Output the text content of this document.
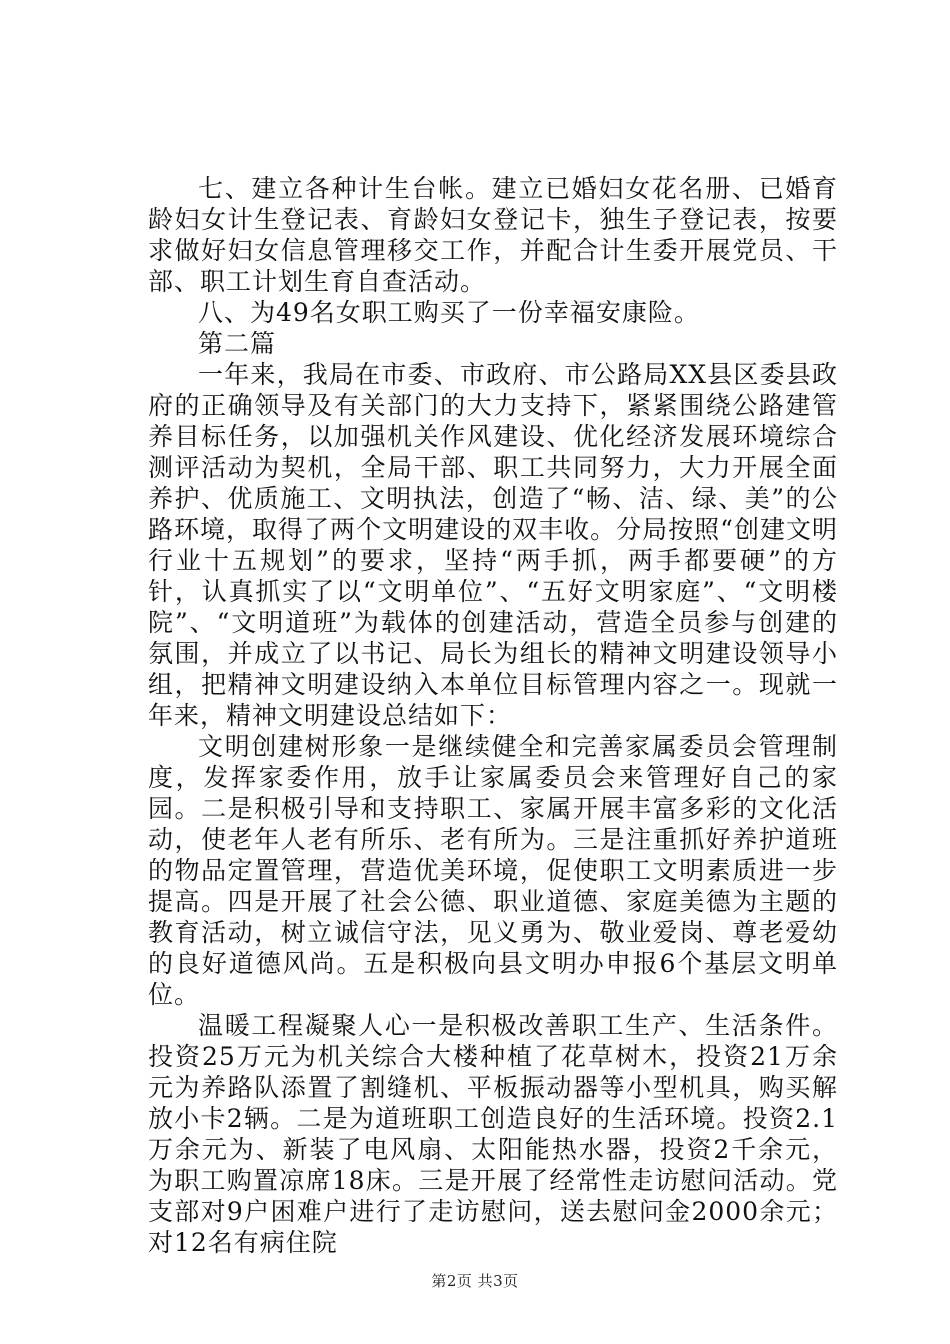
七、建立各种计生台帐。建立已婚妇女花名册、已婚育龄妇女计生登记表、育龄妇女登记卡，独生子登记表，按要求做好妇女信息管理移交工作，并配合计生委开展党员、干部、职工计划生育自查活动。

八、为49名女职工购买了一份幸福安康险。

第二篇

一年来，我局在市委、市政府、市公路局XX县区委县政府的正确领导及有关部门的大力支持下，紧紧围绕公路建管养目标任务，以加强机关作风建设、优化经济发展环境综合测评活动为契机，全局干部、职工共同努力，大力开展全面养护、优质施工、文明执法，创造了“畅、洁、绿、美”的公路环境，取得了两个文明建设的双丰收。分局按照“创建文明行业十五规划”的要求，坚持“两手抓，两手都要硬”的方针，认真抓实了以“文明单位”、“五好文明家庭”、“文明楼院”、“文明道班”为载体的创建活动，营造全员参与创建的氛围，并成立了以书记、局长为组长的精神文明建设领导小组，把精神文明建设纳入本单位目标管理内容之一。现就一年来，精神文明建设总结如下：

文明创建树形象一是继续健全和完善家属委员会管理制度，发挥家委作用，放手让家属委员会来管理好自己的家园。二是积极引导和支持职工、家属开展丰富多彩的文化活动，使老年人老有所乐、老有所为。三是注重抓好养护道班的物品定置管理，营造优美环境，促使职工文明素质进一步提高。四是开展了社会公德、职业道德、家庭美德为主题的教育活动，树立诚信守法，见义勇为、敬业爱岗、尊老爱幼的良好道德风尚。五是积极向县文明办申报6个基层文明单位。

温暖工程凝聚人心一是积极改善职工生产、生活条件。投资25万元为机关综合大楼种植了花草树木，投资21万余元为养路队添置了割缝机、平板振动器等小型机具，购买解放小卡2辆。二是为道班职工创造良好的生活环境。投资2.1万余元为、新装了电风扇、太阳能热水器，投资2千余元，为职工购置凉席18床。三是开展了经常性走访慰问活动。党支部对9户困难户进行了走访慰问，送去慰问金2000余元；对12名有病住院

第2页 共3页
